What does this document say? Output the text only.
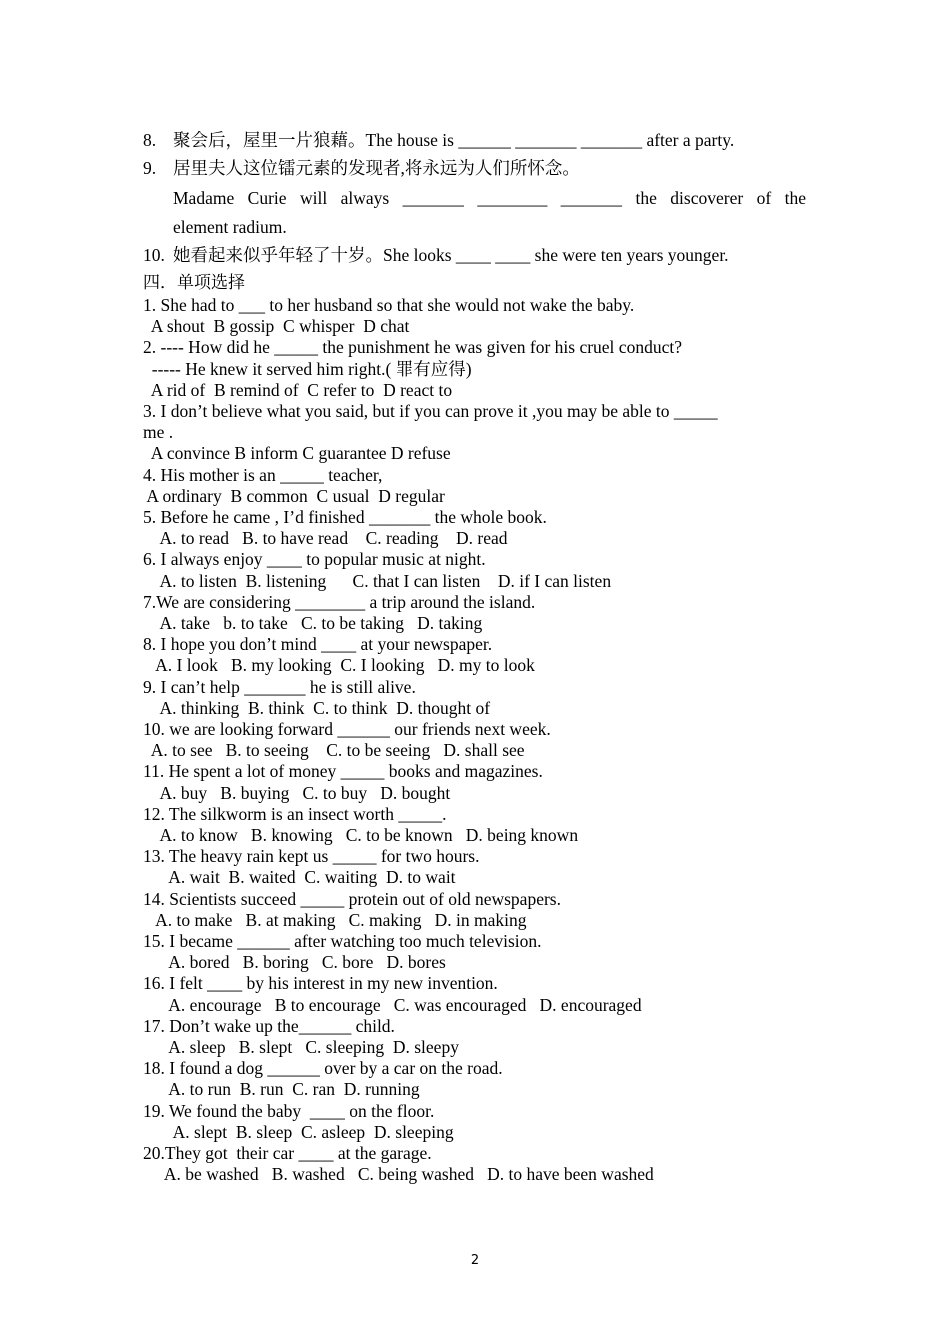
8. 聚会后，屋里一片狼藉。The house is ______ _______ _______ after a party.
9. 居里夫人这位镭元素的发现者,将永远为人们所怀念。
Madame Curie will always _______ ________ _______ the discoverer of the
element radium.
10. 她看起来似乎年轻了十岁。She looks ____ ____ she were ten years younger.
四．单项选择
1. She had to ___ to her husband so that she would not wake the baby.
A shout  B gossip  C whisper  D chat
2. ---- How did he _____ the punishment he was given for his cruel conduct?
----- He knew it served him right.( 罪有应得)
A rid of  B remind of  C refer to  D react to
3. I don’t believe what you said, but if you can prove it ,you may be able to _____
me .
A convince B inform C guarantee D refuse
4. His mother is an _____ teacher,
A ordinary  B common  C usual  D regular
5. Before he came , I’d finished _______ the whole book.
A. to read   B. to have read    C. reading    D. read
6. I always enjoy ____ to popular music at night.
A. to listen  B. listening      C. that I can listen    D. if I can listen
7.We are considering ________ a trip around the island.
A. take   b. to take   C. to be taking   D. taking
8. I hope you don’t mind ____ at your newspaper.
A. I look   B. my looking  C. I looking   D. my to look
9. I can’t help _______ he is still alive.
A. thinking  B. think  C. to think  D. thought of
10. we are looking forward ______ our friends next week.
A. to see   B. to seeing    C. to be seeing   D. shall see
11. He spent a lot of money _____ books and magazines.
A. buy   B. buying   C. to buy   D. bought
12. The silkworm is an insect worth _____.
A. to know   B. knowing   C. to be known   D. being known
13. The heavy rain kept us _____ for two hours.
A. wait  B. waited  C. waiting  D. to wait
14. Scientists succeed _____ protein out of old newspapers.
A. to make   B. at making   C. making   D. in making
15. I became ______ after watching too much television.
A. bored   B. boring   C. bore   D. bores
16. I felt ____ by his interest in my new invention.
A. encourage   B to encourage   C. was encouraged   D. encouraged
17. Don’t wake up the______ child.
A. sleep   B. slept   C. sleeping  D. sleepy
18. I found a dog ______ over by a car on the road.
A. to run  B. run  C. ran  D. running
19. We found the baby  ____ on the floor.
A. slept  B. sleep  C. asleep  D. sleeping
20.They got  their car ____ at the garage.
A. be washed   B. washed   C. being washed   D. to have been washed
2
